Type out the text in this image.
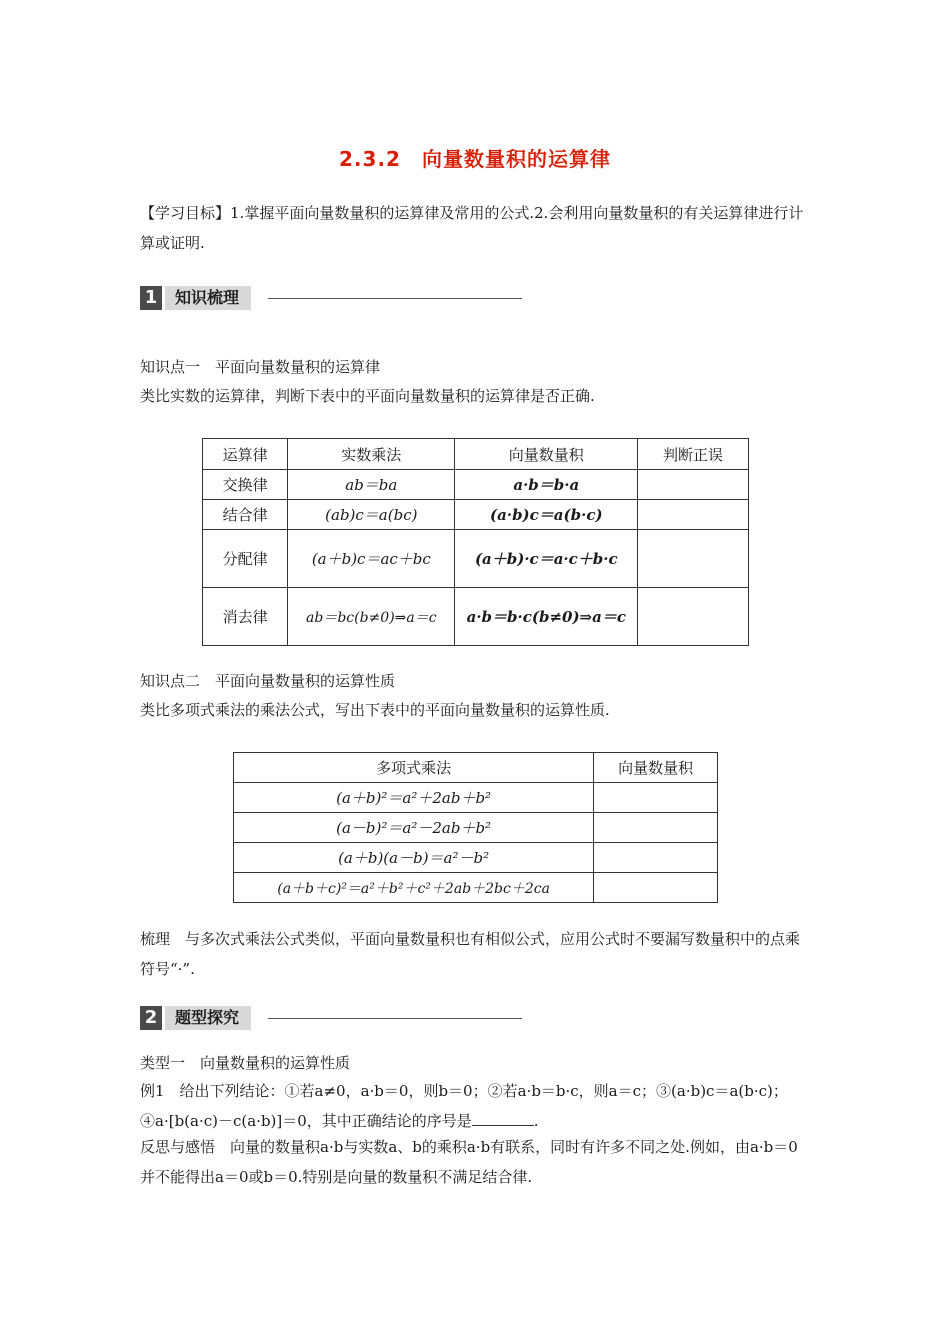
2.3.2　向量数量积的运算律
【学习目标】1.掌握平面向量数量积的运算律及常用的公式.2.会利用向量数量积的有关运算律进行计算或证明.
1	知识梳理
知识点一　平面向量数量积的运算律
类比实数的运算律，判断下表中的平面向量数量积的运算律是否正确.
运算律	实数乘法	向量数量积	判断正误
交换律	ab＝ba	a·b＝b·a	
结合律	(ab)c＝a(bc)	(a·b)c＝a(b·c)	
分配律	(a＋b)c＝ac＋bc	(a＋b)·c＝a·c＋b·c	
消去律	ab＝bc(b≠0)⇒a＝c	a·b＝b·c(b≠0)⇒a＝c	
知识点二　平面向量数量积的运算性质
类比多项式乘法的乘法公式，写出下表中的平面向量数量积的运算性质.
多项式乘法	向量数量积
(a＋b)²＝a²＋2ab＋b²	
(a－b)²＝a²－2ab＋b²	
(a＋b)(a－b)＝a²－b²	
(a＋b＋c)²＝a²＋b²＋c²＋2ab＋2bc＋2ca	
梳理　与多次式乘法公式类似，平面向量数量积也有相似公式，应用公式时不要漏写数量积中的点乘符号“·”.
2	题型探究
类型一　向量数量积的运算性质
例1　给出下列结论：①若a≠0，a·b＝0，则b＝0；②若a·b＝b·c，则a＝c；③(a·b)c＝a(b·c)；④a·[b(a·c)－c(a·b)]＝0，其中正确结论的序号是	.
反思与感悟　向量的数量积a·b与实数a、b的乘积a·b有联系，同时有许多不同之处.例如，由a·b＝0并不能得出a＝0或b＝0.特别是向量的数量积不满足结合律.
